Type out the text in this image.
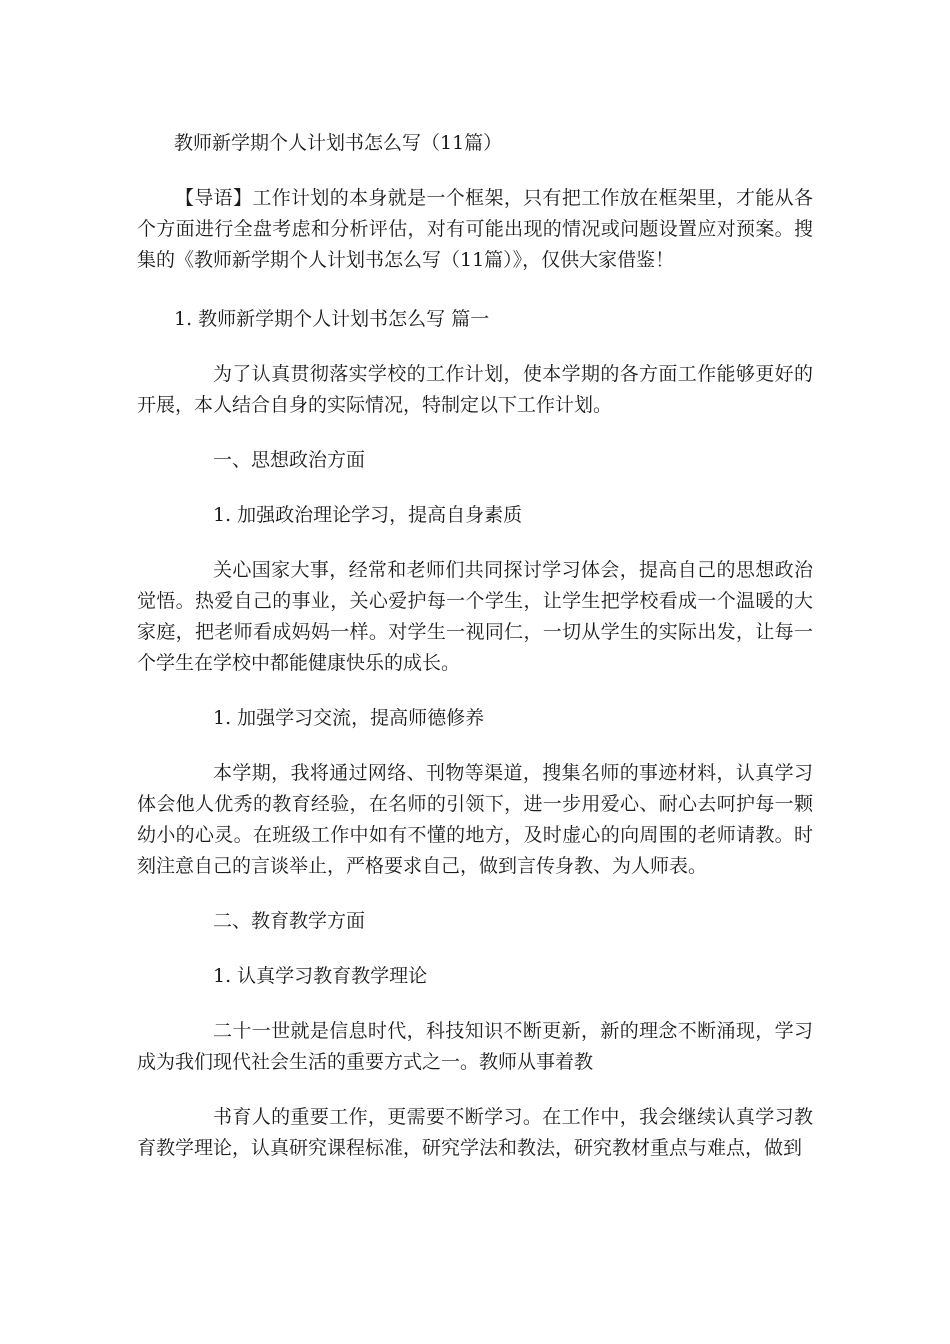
教师新学期个人计划书怎么写（11篇）

【导语】工作计划的本身就是一个框架，只有把工作放在框架里，才能从各个方面进行全盘考虑和分析评估，对有可能出现的情况或问题设置应对预案。搜集的《教师新学期个人计划书怎么写（11篇）》，仅供大家借鉴！

1. 教师新学期个人计划书怎么写 篇一

为了认真贯彻落实学校的工作计划，使本学期的各方面工作能够更好的开展，本人结合自身的实际情况，特制定以下工作计划。

一、思想政治方面

1. 加强政治理论学习，提高自身素质

关心国家大事，经常和老师们共同探讨学习体会，提高自己的思想政治觉悟。热爱自己的事业，关心爱护每一个学生，让学生把学校看成一个温暖的大家庭，把老师看成妈妈一样。对学生一视同仁，一切从学生的实际出发，让每一个学生在学校中都能健康快乐的成长。

1. 加强学习交流，提高师德修养

本学期，我将通过网络、刊物等渠道，搜集名师的事迹材料，认真学习体会他人优秀的教育经验，在名师的引领下，进一步用爱心、耐心去呵护每一颗幼小的心灵。在班级工作中如有不懂的地方，及时虚心的向周围的老师请教。时刻注意自己的言谈举止，严格要求自己，做到言传身教、为人师表。

二、教育教学方面

1. 认真学习教育教学理论

二十一世就是信息时代，科技知识不断更新，新的理念不断涌现，学习成为我们现代社会生活的重要方式之一。教师从事着教

书育人的重要工作，更需要不断学习。在工作中，我会继续认真学习教育教学理论，认真研究课程标准，研究学法和教法，研究教材重点与难点，做到
